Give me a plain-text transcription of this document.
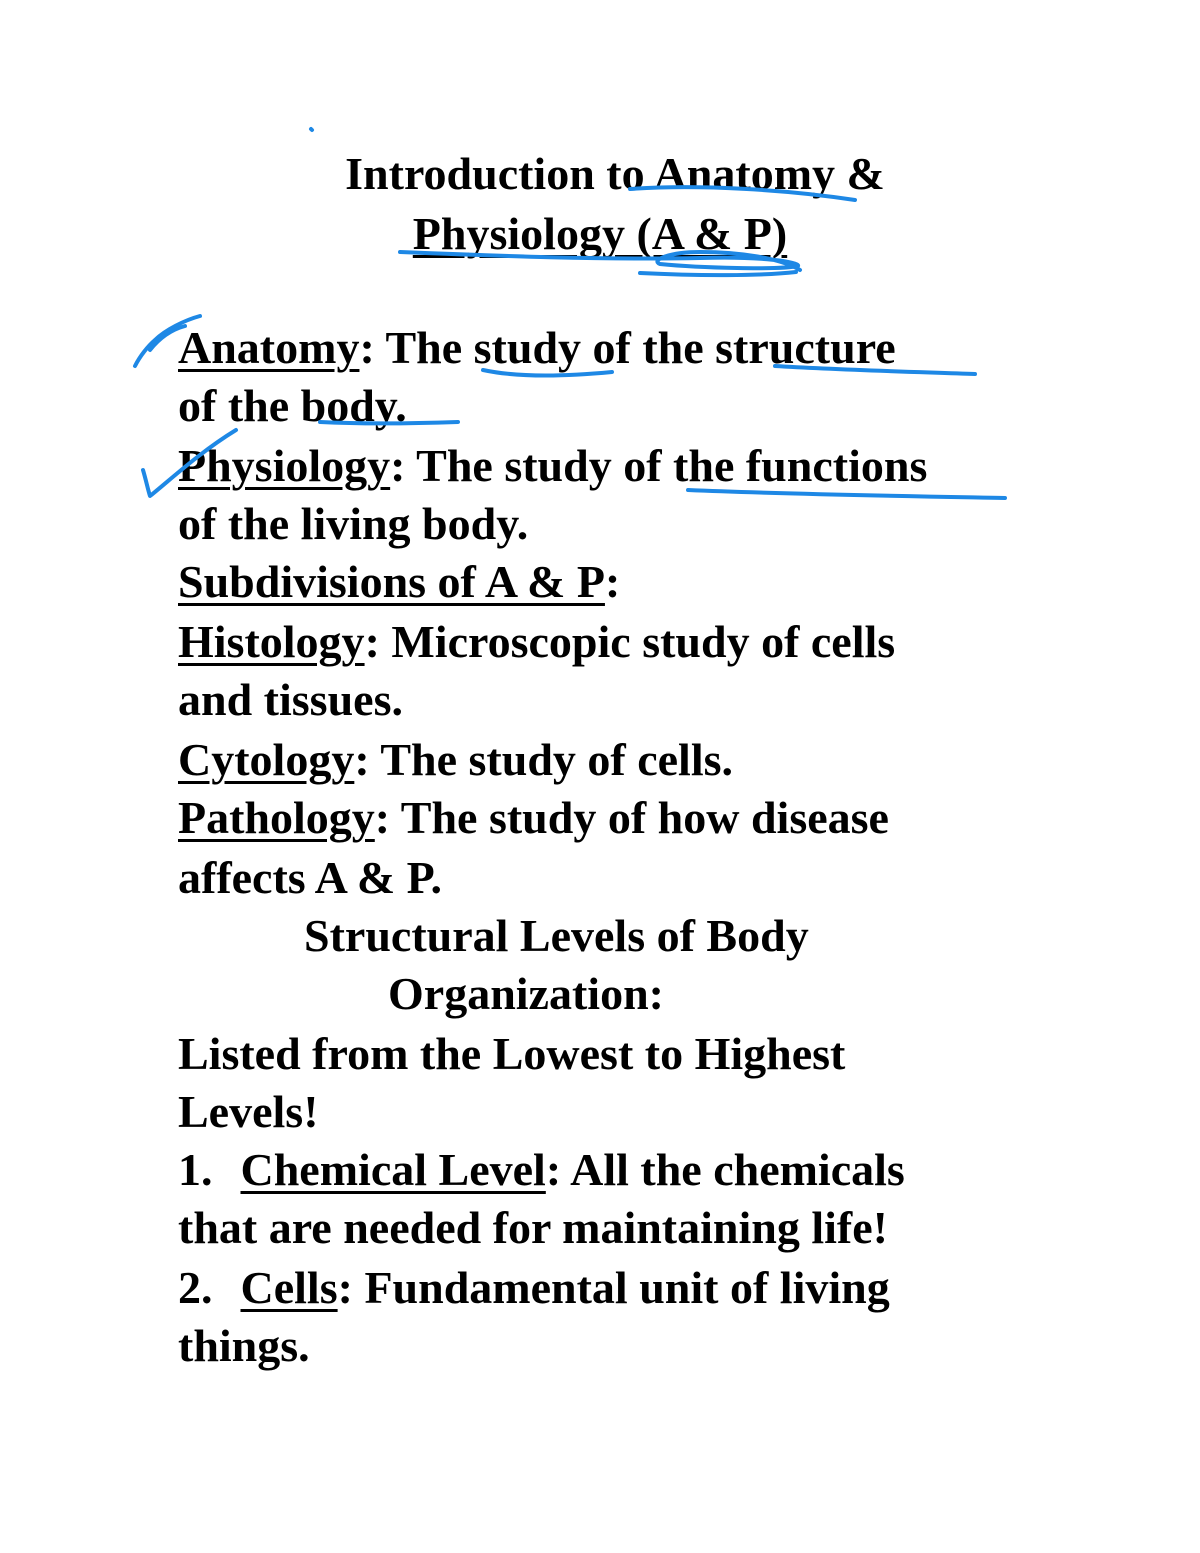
Introduction to Anatomy &
Physiology (A & P)
Anatomy: The study of the structure
of the body.
Physiology: The study of the functions
of the living body.
Subdivisions of A & P:
Histology: Microscopic study of cells
and tissues.
Cytology: The study of cells.
Pathology: The study of how disease
affects A & P.
Structural Levels of Body
Organization:
Listed from the Lowest to Highest
Levels!
1. Chemical Level: All the chemicals
that are needed for maintaining life!
2. Cells: Fundamental unit of living
things.
